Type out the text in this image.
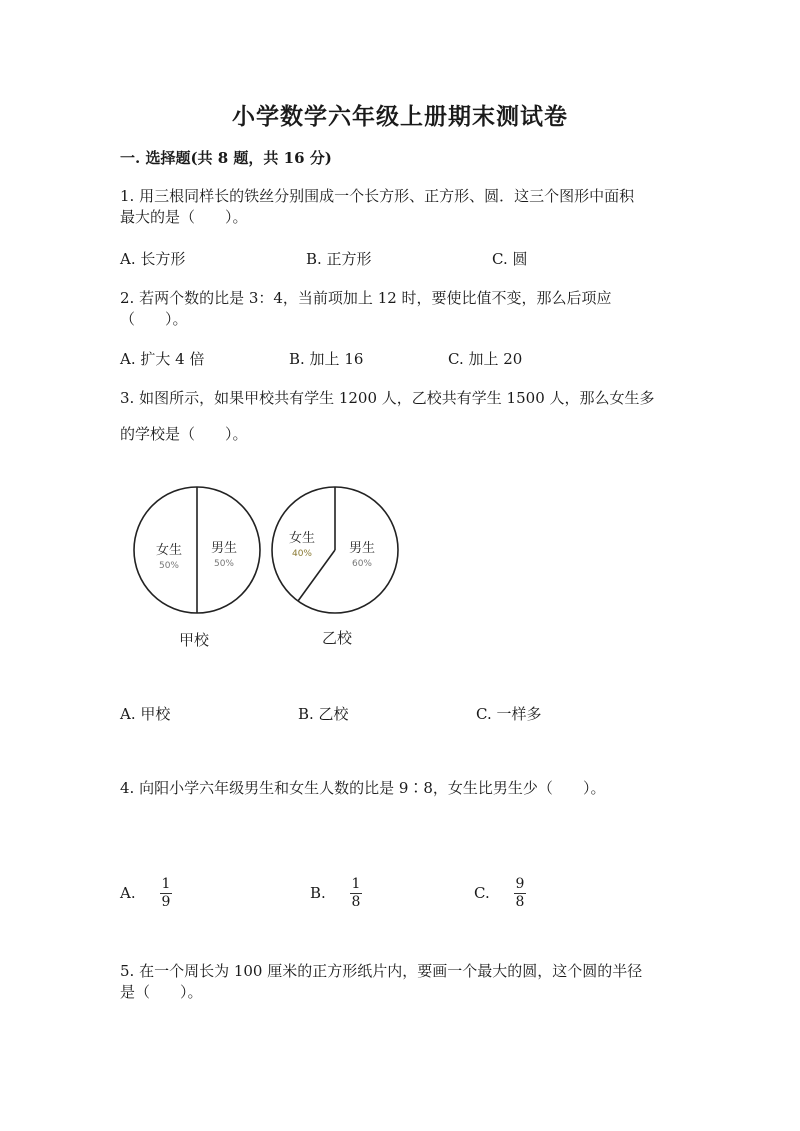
小学数学六年级上册期末测试卷
一. 选择题(共 8 题，共 16 分)
1. 用三根同样长的铁丝分别围成一个长方形、正方形、圆．这三个图形中面积
最大的是（　　）。
A. 长方形	B. 正方形	C. 圆
2. 若两个数的比是 3：4，当前项加上 12 时，要使比值不变，那么后项应
（　　）。
A. 扩大 4 倍	B. 加上 16	C. 加上 20
3. 如图所示，如果甲校共有学生 1200 人，乙校共有学生 1500 人，那么女生多
的学校是（　　）。
女生
50%
男生
50%
甲校
女生
40%	男生
60%
乙校
A. 甲校	B. 乙校	C. 一样多
4. 向阳小学六年级男生和女生人数的比是 9∶8，女生比男生少（　　）。
A. 1
9	B. 1
8	C. 9
8
5. 在一个周长为 100 厘米的正方形纸片内，要画一个最大的圆，这个圆的半径
是（　　）。
